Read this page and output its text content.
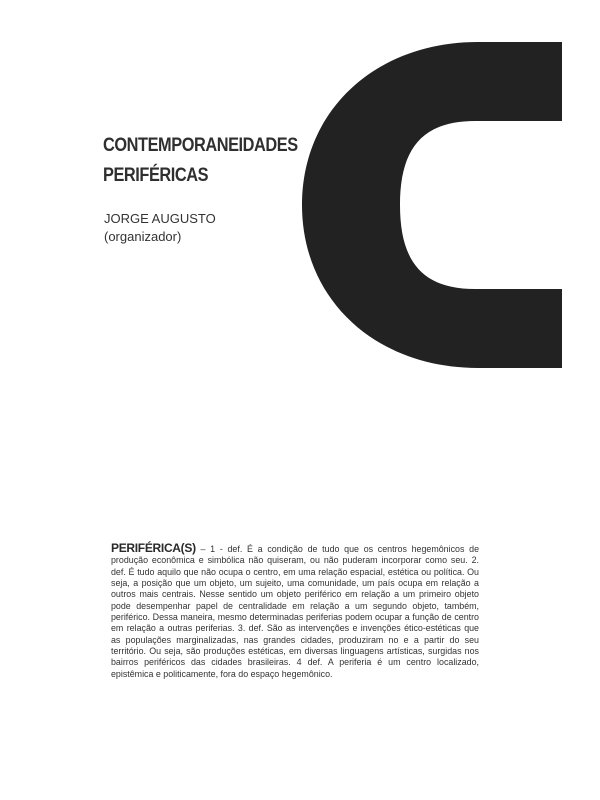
CONTEMPORANEIDADES
PERIFÉRICAS
JORGE AUGUSTO
(organizador)

PERIFÉRICA(S) – 1 - def. É a condição de tudo que os centros hegemônicos de produção econômica e simbólica não quiseram, ou não puderam incorporar como seu. 2. def. É tudo aquilo que não ocupa o centro, em uma relação espacial, estética ou política. Ou seja, a posição que um objeto, um sujeito, uma comunidade, um país ocupa em relação a outros mais centrais. Nesse sentido um objeto periférico em relação a um primeiro objeto pode desempenhar papel de centralidade em relação a um segundo objeto, também, periférico. Dessa maneira, mesmo determinadas periferias podem ocupar a função de centro em relação a outras periferias. 3. def. São as intervenções e invenções ético-estéticas que as populações marginalizadas, nas grandes cidades, produziram no e a partir do seu território. Ou seja, são produções estéticas, em diversas linguagens artísticas, surgidas nos bairros periféricos das cidades brasileiras. 4 def. A periferia é um centro localizado, epistêmica e politicamente, fora do espaço hegemônico.
